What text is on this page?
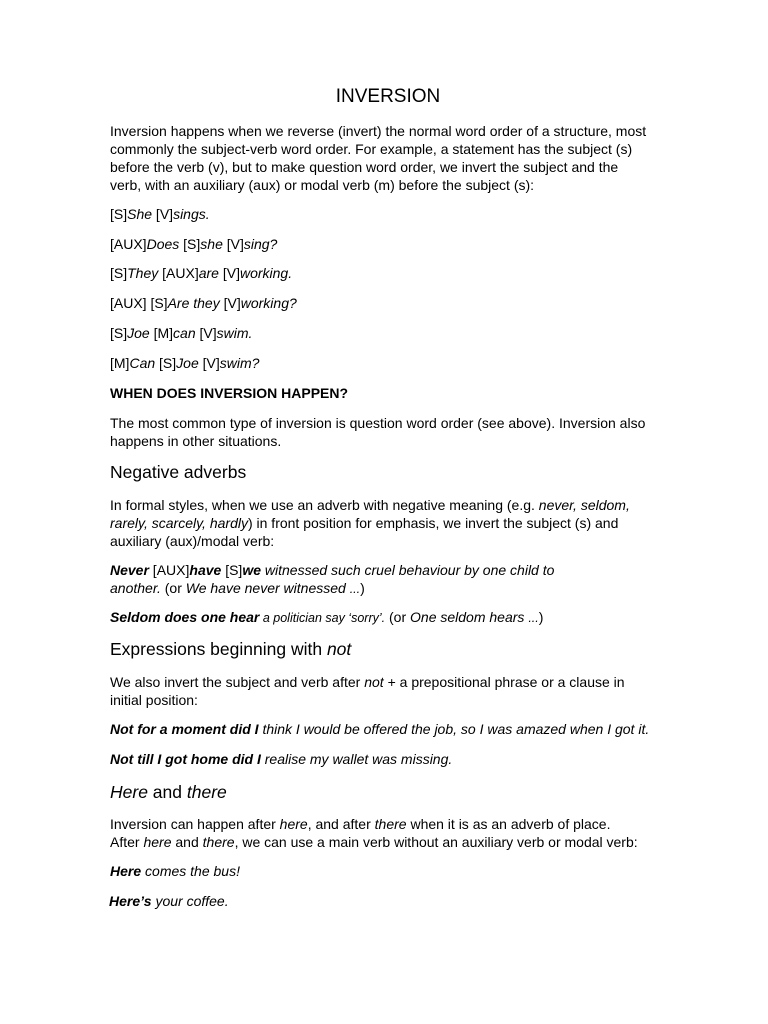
INVERSION

Inversion happens when we reverse (invert) the normal word order of a structure, most

commonly the subject-verb word order. For example, a statement has the subject (s)

before the verb (v), but to make question word order, we invert the subject and the

verb, with an auxiliary (aux) or modal verb (m) before the subject (s):

[S]She [V]sings.

[AUX]Does [S]she [V]sing?

[S]They [AUX]are [V]working.

[AUX] [S]Are they [V]working?

[S]Joe [M]can [V]swim.

[M]Can [S]Joe [V]swim?

WHEN DOES INVERSION HAPPEN?

The most common type of inversion is question word order (see above). Inversion also

happens in other situations.

Negative adverbs

In formal styles, when we use an adverb with negative meaning (e.g. never, seldom,

rarely, scarcely, hardly) in front position for emphasis, we invert the subject (s) and

auxiliary (aux)/modal verb:

Never [AUX]have [S]we witnessed such cruel behaviour by one child to

another. (or We have never witnessed ...)

Seldom does one hear a politician say ‘sorry’. (or One seldom hears ...)

Expressions beginning with not

We also invert the subject and verb after not + a prepositional phrase or a clause in

initial position:

Not for a moment did I think I would be offered the job, so I was amazed when I got it.

Not till I got home did I realise my wallet was missing.

Here and there

Inversion can happen after here, and after there when it is as an adverb of place.

After here and there, we can use a main verb without an auxiliary verb or modal verb:

Here comes the bus!

Here’s your coffee.
